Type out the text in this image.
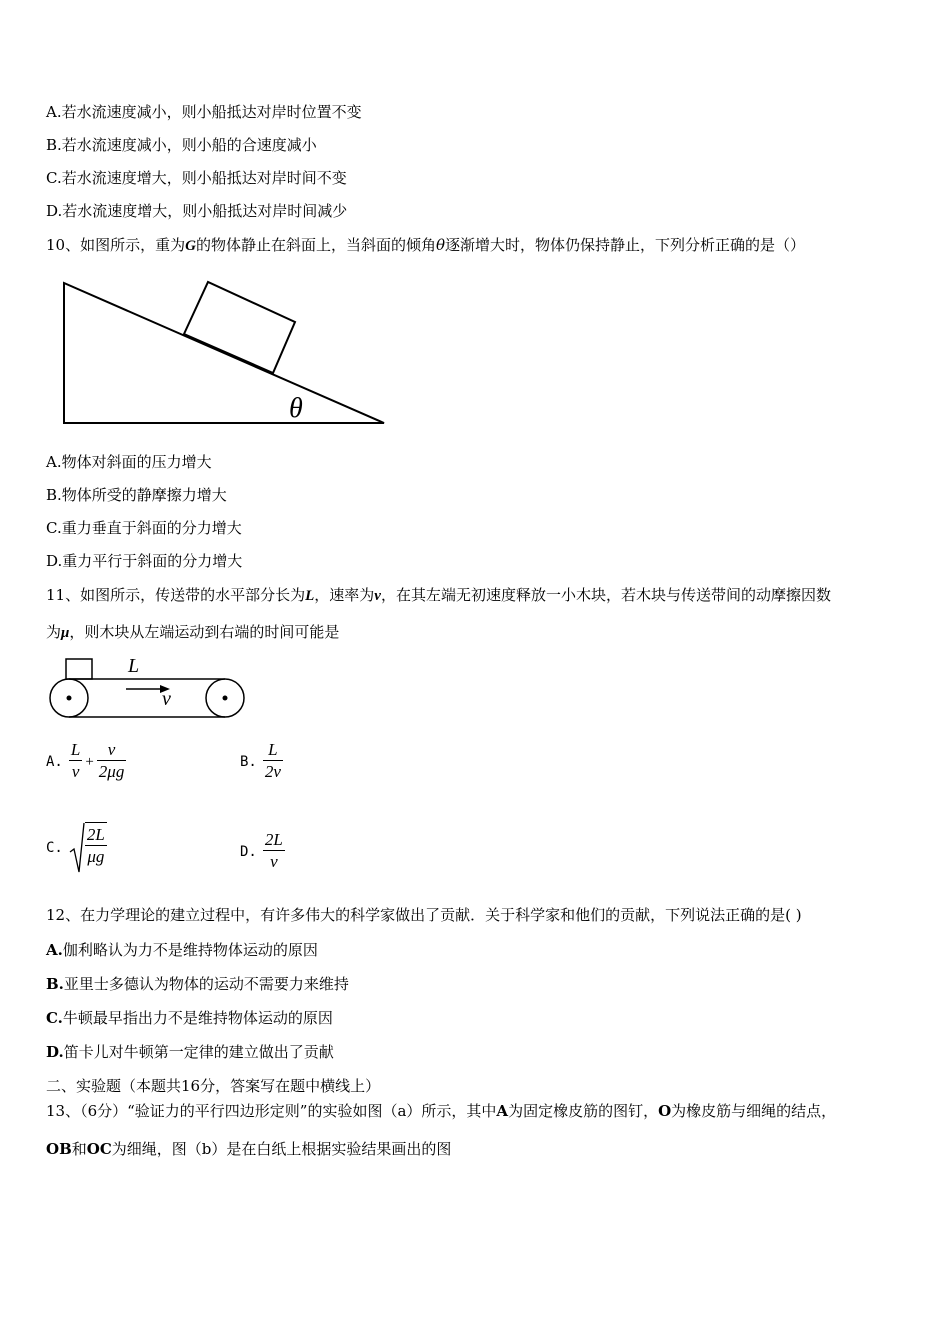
A.若水流速度减小，则小船抵达对岸时位置不变
B.若水流速度减小，则小船的合速度减小
C.若水流速度增大，则小船抵达对岸时间不变
D.若水流速度增大，则小船抵达对岸时间减少
10、如图所示，重为G的物体静止在斜面上，当斜面的倾角θ逐渐增大时，物体仍保持静止，下列分析正确的是（）
θ
A.物体对斜面的压力增大
B.物体所受的静摩擦力增大
C.重力垂直于斜面的分力增大
D.重力平行于斜面的分力增大
11、如图所示，传送带的水平部分长为L，速率为v，在其左端无初速度释放一小木块，若木块与传送带间的动摩擦因数
为μ，则木块从左端运动到右端的时间可能是
L
v
A. $\frac{L}{v} + \frac{v}{2\mu g}$	B. $\frac{L}{2v}$
C. $\frac{2L}{\mu g}$	D. $\frac{2L}{v}$
12、在力学理论的建立过程中，有许多伟大的科学家做出了贡献．关于科学家和他们的贡献，下列说法正确的是( )
A.伽利略认为力不是维持物体运动的原因
B.亚里士多德认为物体的运动不需要力来维持
C.牛顿最早指出力不是维持物体运动的原因
D.笛卡儿对牛顿第一定律的建立做出了贡献
二、实验题（本题共16分，答案写在题中横线上）
13、（6分）“验证力的平行四边形定则”的实验如图（a）所示，其中A为固定橡皮筋的图钉，O为橡皮筋与细绳的结点，
OB和OC为细绳，图（b）是在白纸上根据实验结果画出的图
